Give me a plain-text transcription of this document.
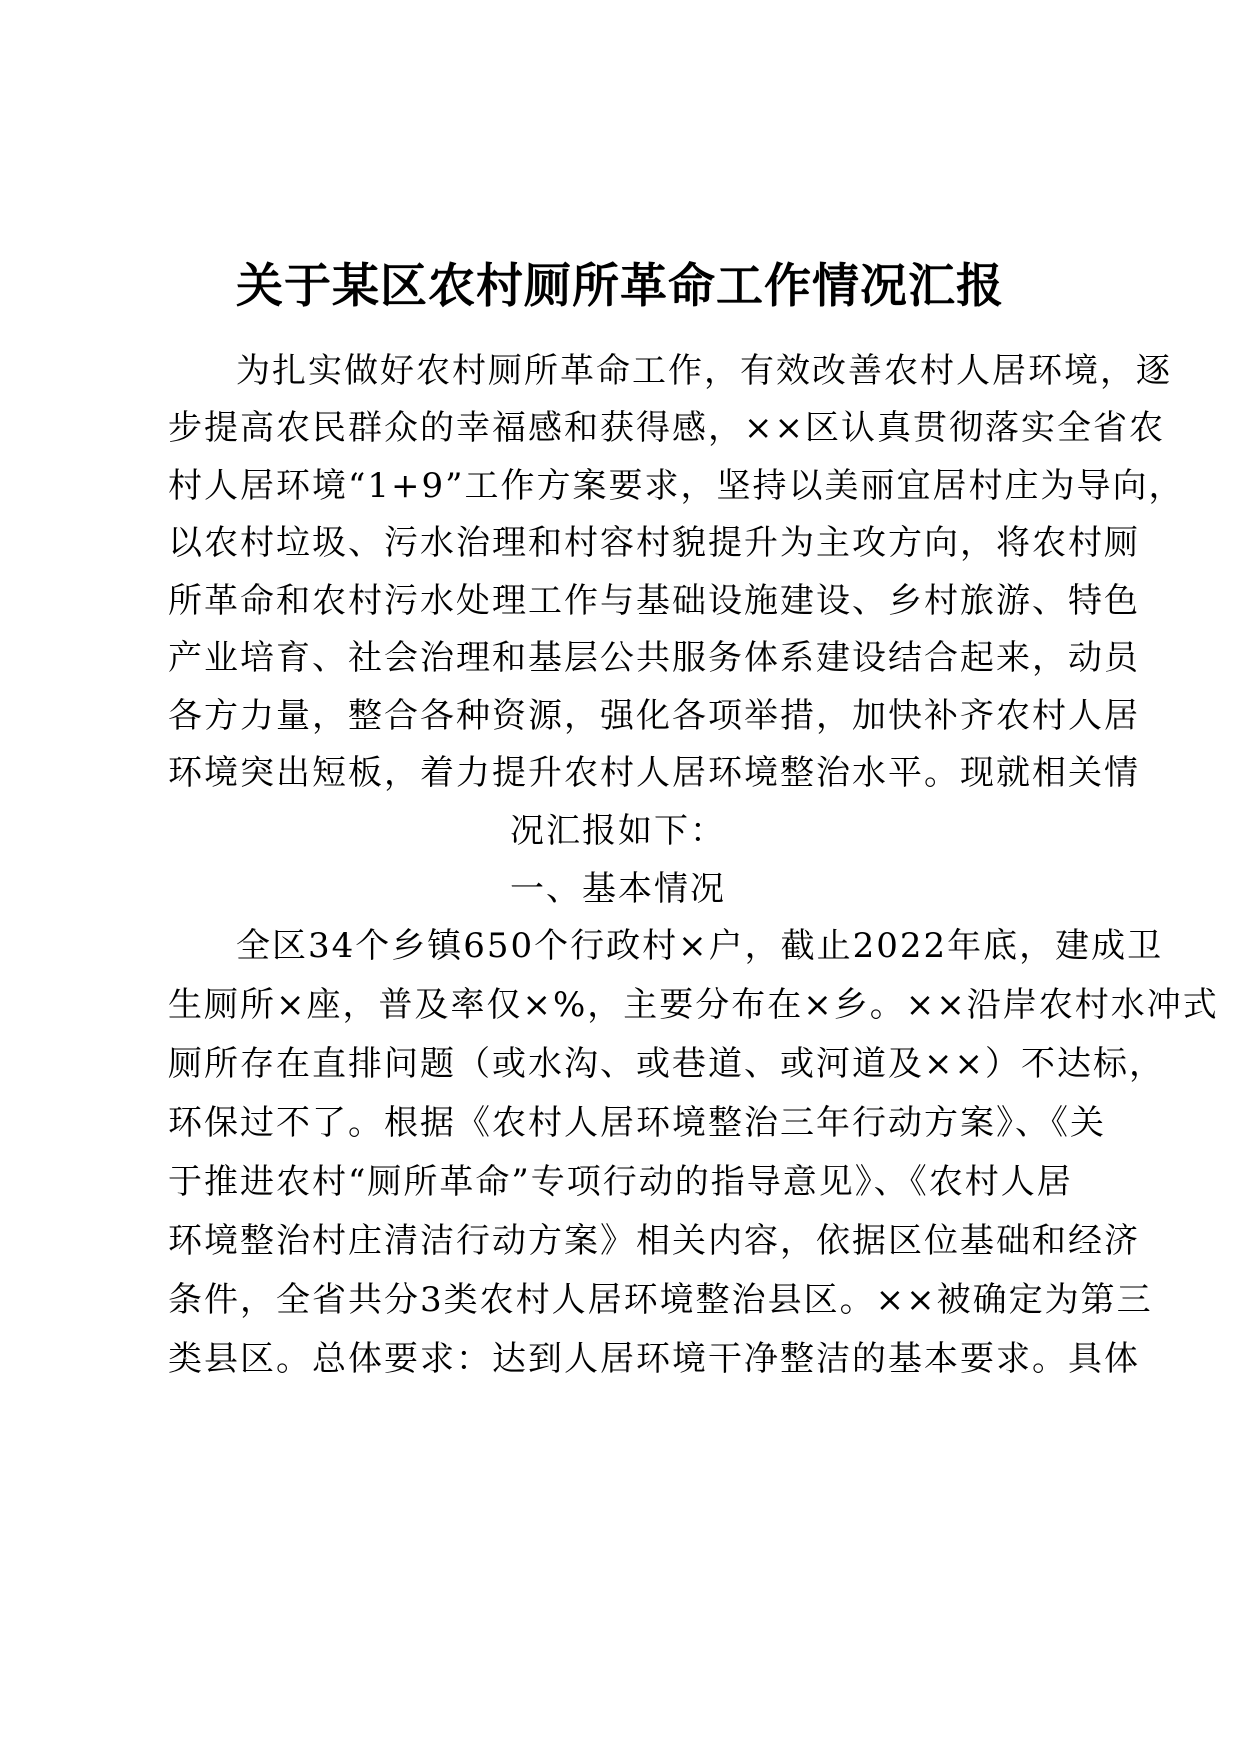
关于某区农村厕所革命工作情况汇报

为扎实做好农村厕所革命工作，有效改善农村人居环境，逐

步提高农民群众的幸福感和获得感，××区认真贯彻落实全省农

村人居环境“1+9”工作方案要求，坚持以美丽宜居村庄为导向，

以农村垃圾、污水治理和村容村貌提升为主攻方向，将农村厕

所革命和农村污水处理工作与基础设施建设、乡村旅游、特色

产业培育、社会治理和基层公共服务体系建设结合起来，动员

各方力量，整合各种资源，强化各项举措，加快补齐农村人居

环境突出短板，着力提升农村人居环境整治水平。现就相关情

况汇报如下：

一、基本情况

全区34个乡镇650个行政村×户，截止2022年底，建成卫

生厕所×座，普及率仅×%，主要分布在×乡。××沿岸农村水冲式

厕所存在直排问题（或水沟、或巷道、或河道及××）不达标，

环保过不了。根据《农村人居环境整治三年行动方案》、《关

于推进农村“厕所革命”专项行动的指导意见》、《农村人居

环境整治村庄清洁行动方案》相关内容，依据区位基础和经济

条件，全省共分3类农村人居环境整治县区。××被确定为第三

类县区。总体要求：达到人居环境干净整洁的基本要求。具体
